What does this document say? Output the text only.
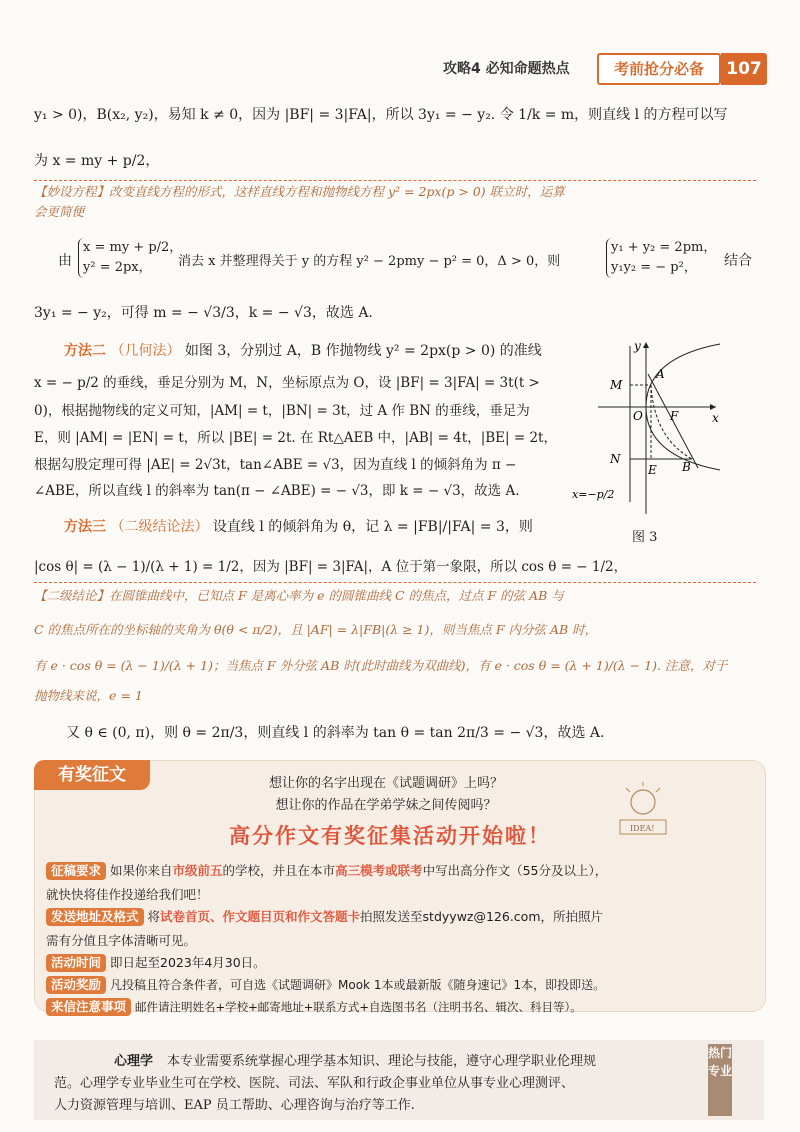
攻略4 必知命题热点	考前抢分必备	107
y₁ > 0)，B(x₂, y₂)，易知 k ≠ 0，因为 |BF| = 3|FA|，所以 3y₁ = − y₂. 令 1/k = m，则直线 l 的方程可以写
为 x = my + p/2，
【妙设方程】改变直线方程的形式，这样直线方程和抛物线方程 y² = 2px(p > 0) 联立时，运算
会更简便
由
x = my + p/2，
y² = 2px，	消去 x 并整理得关于 y 的方程 y² − 2pmy − p² = 0，Δ > 0，则
y₁ + y₂ = 2pm，
y₁y₂ = − p²，	结合
3y₁ = − y₂，可得 m = − √3/3，k = − √3，故选 A.
方法二 （几何法） 如图 3，分别过 A，B 作抛物线 y² = 2px(p > 0) 的准线
x = − p/2 的垂线，垂足分别为 M，N，坐标原点为 O，设 |BF| = 3|FA| = 3t(t >
0)，根据抛物线的定义可知，|AM| = t，|BN| = 3t，过 A 作 BN 的垂线，垂足为
E，则 |AM| = |EN| = t，所以 |BE| = 2t. 在 Rt△AEB 中，|AB| = 4t，|BE| = 2t，
根据勾股定理可得 |AE| = 2√3t，tan∠ABE = √3，因为直线 l 的倾斜角为 π −
∠ABE，所以直线 l 的斜率为 tan(π − ∠ABE) = − √3，即 k = − √3，故选 A.
y
x
M
A
O F
N
E B
x=−p/2
图 3
方法三 （二级结论法） 设直线 l 的倾斜角为 θ，记 λ = |FB|/|FA| = 3，则
|cos θ| = (λ − 1)/(λ + 1) = 1/2，因为 |BF| = 3|FA|，A 位于第一象限，所以 cos θ = − 1/2，
【二级结论】在圆锥曲线中，已知点 F 是离心率为 e 的圆锥曲线 C 的焦点，过点 F 的弦 AB 与
C 的焦点所在的坐标轴的夹角为 θ(θ < π/2)，且 |AF| = λ|FB|(λ ≥ 1)，则当焦点 F 内分弦 AB 时，
有 e · cos θ = (λ − 1)/(λ + 1)；当焦点 F 外分弦 AB 时(此时曲线为双曲线)，有 e · cos θ = (λ + 1)/(λ − 1). 注意，对于
抛物线来说，e = 1
又 θ ∈ (0, π)，则 θ = 2π/3，则直线 l 的斜率为 tan θ = tan 2π/3 = − √3，故选 A.
有奖征文	想让你的名字出现在《试题调研》上吗？
想让你的作品在学弟学妹之间传阅吗？
高分作文有奖征集活动开始啦！	IDEA!
征稿要求 如果你来自市级前五的学校，并且在本市高三模考或联考中写出高分作文（55分及以上），
就快快将佳作投递给我们吧！
发送地址及格式 将试卷首页、作文题目页和作文答题卡拍照发送至stdyywz@126.com，所拍照片
需有分值且字体清晰可见。
活动时间 即日起至2023年4月30日。
活动奖励 凡投稿且符合条件者，可自选《试题调研》Mook 1本或最新版《随身速记》1本，即投即送。
来信注意事项 邮件请注明姓名+学校+邮寄地址+联系方式+自选图书名（注明书名、辑次、科目等）。
心理学 本专业需要系统掌握心理学基本知识、理论与技能，遵守心理学职业伦理规
范。心理学专业毕业生可在学校、医院、司法、军队和行政企事业单位从事专业心理测评、
人力资源管理与培训、EAP 员工帮助、心理咨询与治疗等工作.
热门专业
